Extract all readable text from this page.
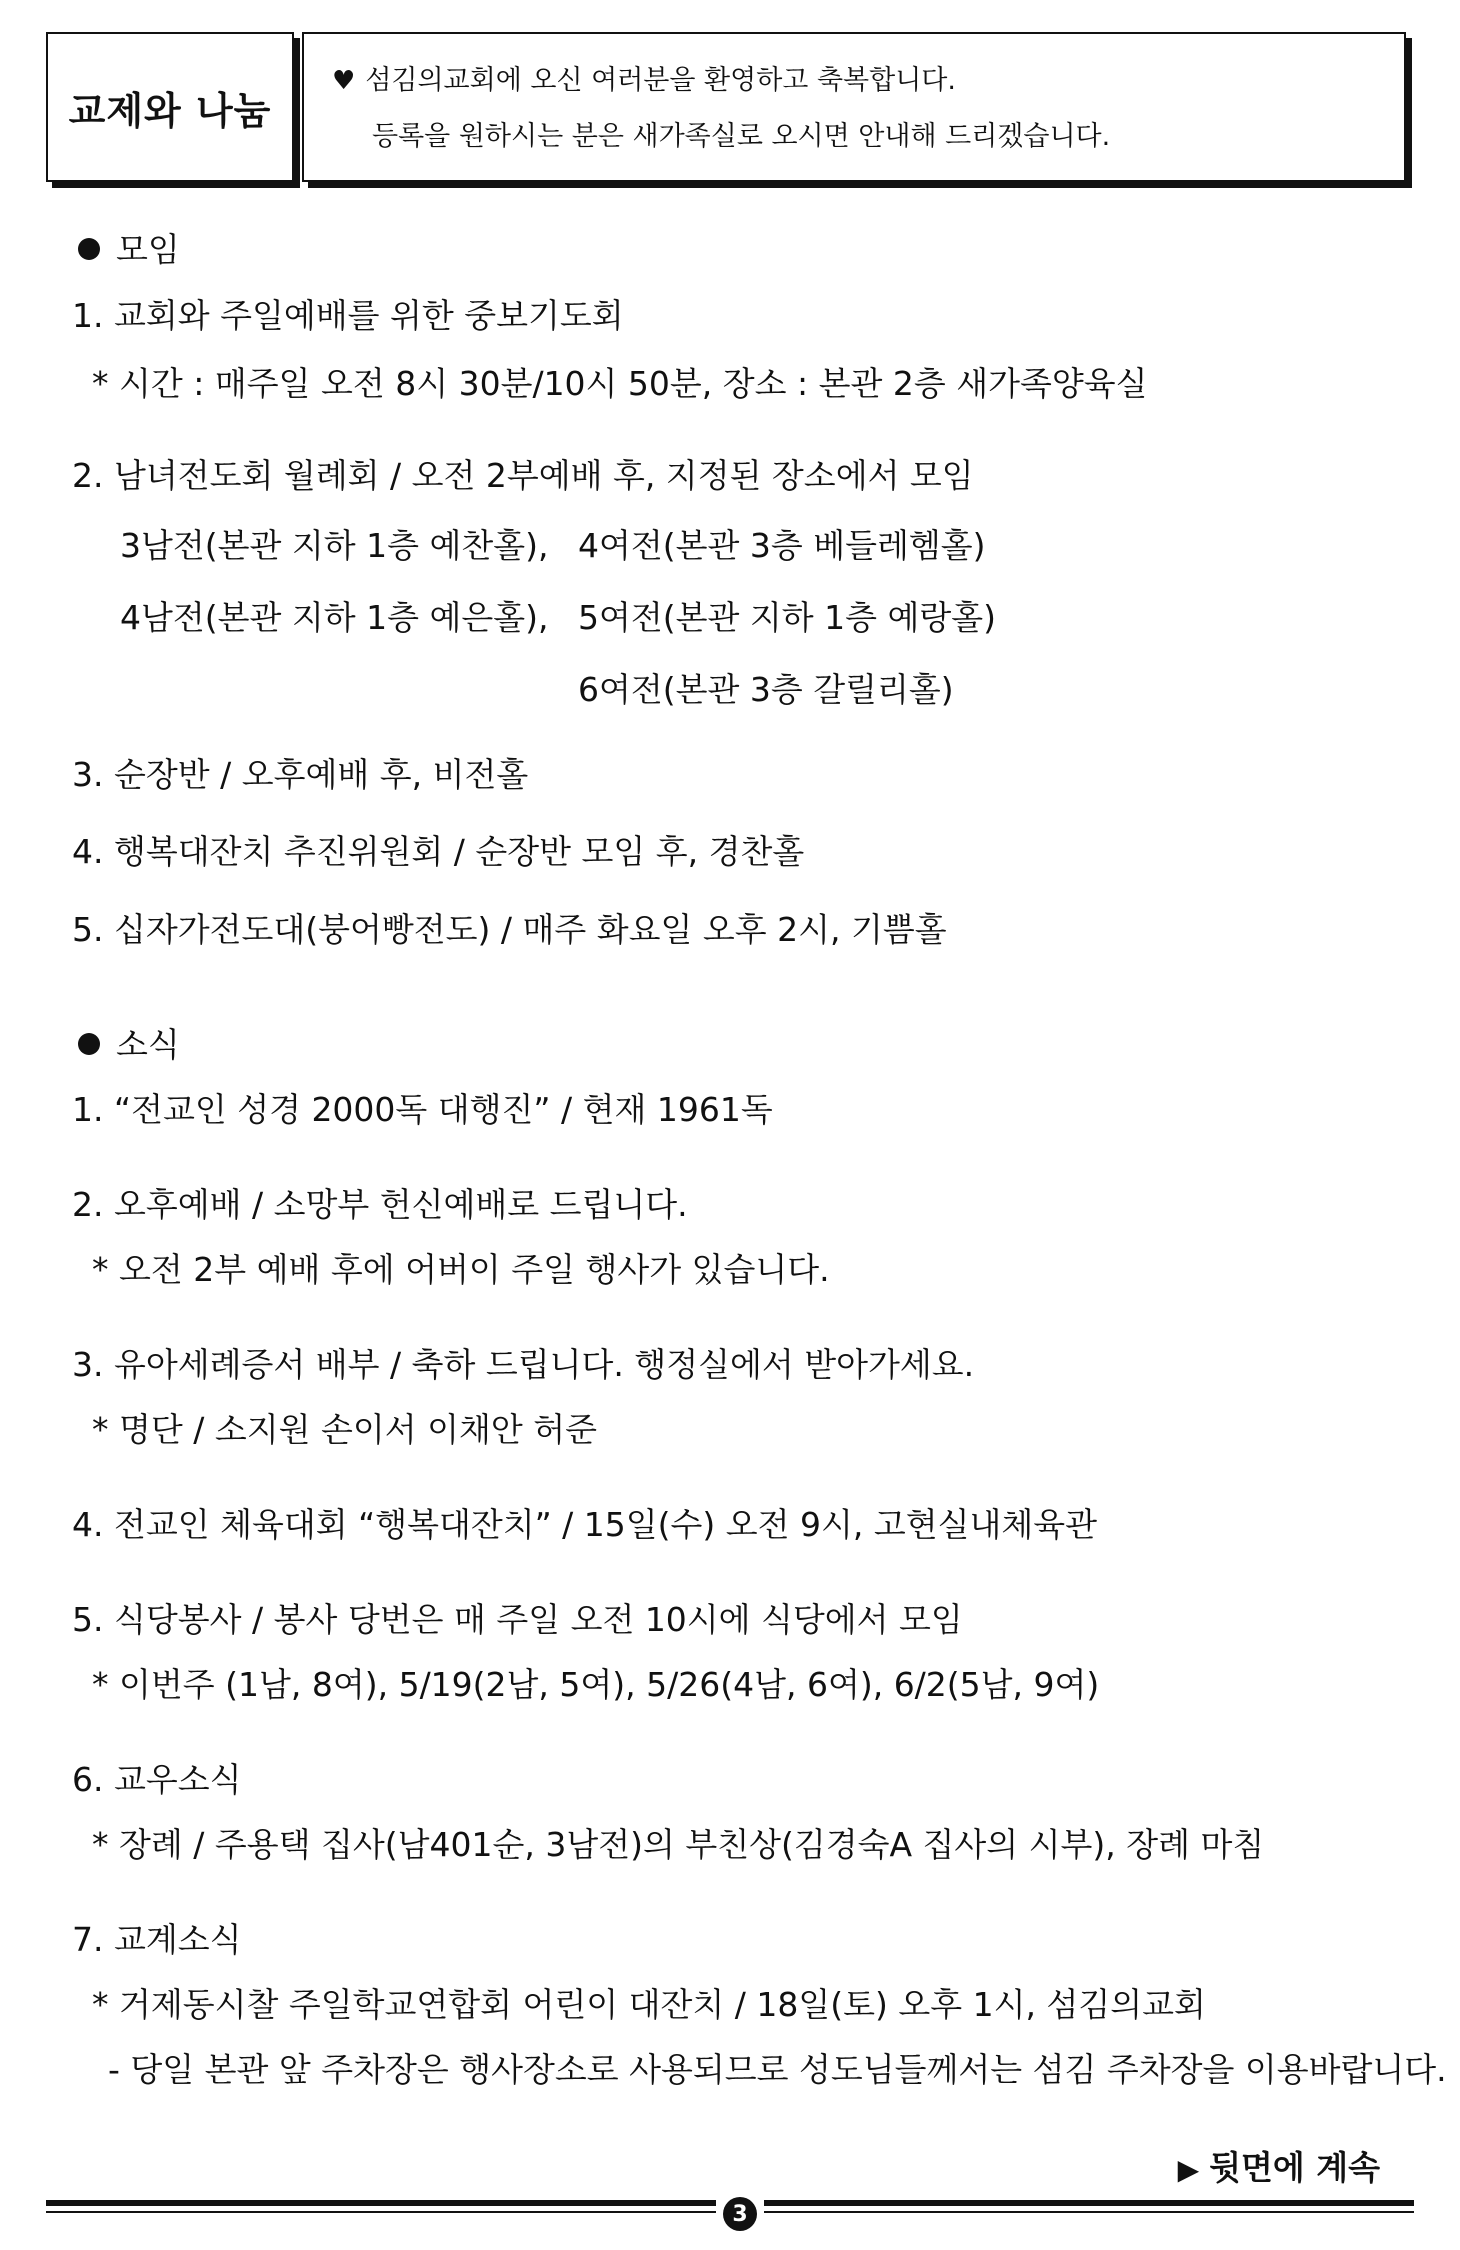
교제와 나눔

♥ 섬김의교회에 오신 여러분을 환영하고 축복합니다.

등록을 원하시는 분은 새가족실로 오시면 안내해 드리겠습니다.

모임
1. 교회와 주일예배를 위한 중보기도회
* 시간 : 매주일 오전 8시 30분/10시 50분, 장소 : 본관 2층 새가족양육실
2. 남녀전도회 월례회 / 오전 2부예배 후, 지정된 장소에서 모임
3남전(본관 지하 1층 예찬홀), 4여전(본관 3층 베들레헴홀)
4남전(본관 지하 1층 예은홀), 5여전(본관 지하 1층 예랑홀)
6여전(본관 3층 갈릴리홀)
3. 순장반 / 오후예배 후, 비전홀
4. 행복대잔치 추진위원회 / 순장반 모임 후, 경찬홀
5. 십자가전도대(붕어빵전도) / 매주 화요일 오후 2시, 기쁨홀
소식
1. “전교인 성경 2000독 대행진” / 현재 1961독
2. 오후예배 / 소망부 헌신예배로 드립니다.
* 오전 2부 예배 후에 어버이 주일 행사가 있습니다.
3. 유아세례증서 배부 / 축하 드립니다. 행정실에서 받아가세요.
* 명단 / 소지원 손이서 이채안 허준
4. 전교인 체육대회 “행복대잔치” / 15일(수) 오전 9시, 고현실내체육관
5. 식당봉사 / 봉사 당번은 매 주일 오전 10시에 식당에서 모임
* 이번주 (1남, 8여), 5/19(2남, 5여), 5/26(4남, 6여), 6/2(5남, 9여)
6. 교우소식
* 장례 / 주용택 집사(남401순, 3남전)의 부친상(김경숙A 집사의 시부), 장례 마침
7. 교계소식
* 거제동시찰 주일학교연합회 어린이 대잔치 / 18일(토) 오후 1시, 섬김의교회
- 당일 본관 앞 주차장은 행사장소로 사용되므로 성도님들께서는 섬김 주차장을 이용바랍니다.
▶ 뒷면에 계속
3
